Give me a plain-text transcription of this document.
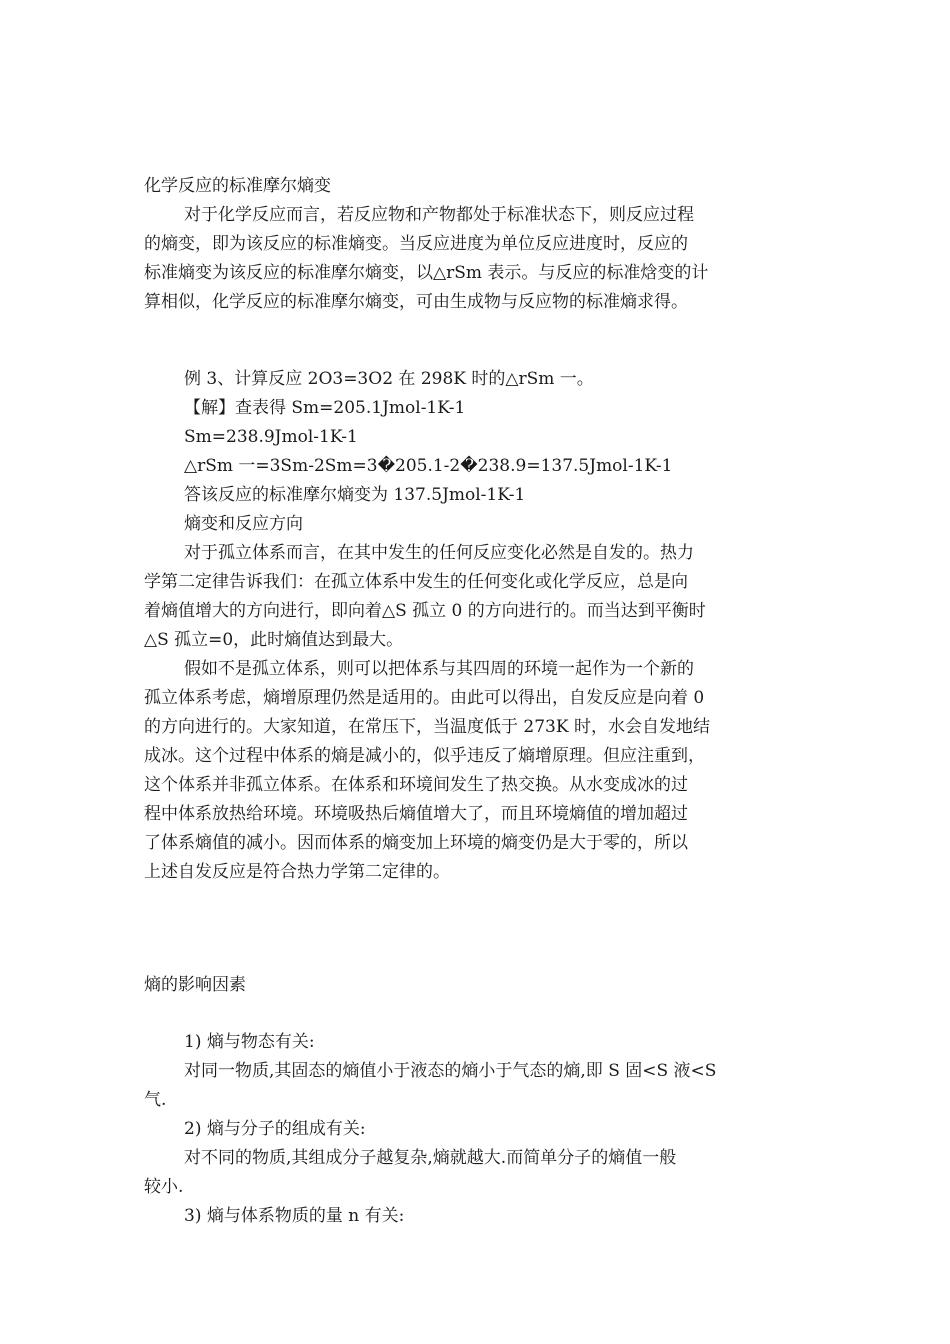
化学反应的标准摩尔熵变

对于化学反应而言，若反应物和产物都处于标准状态下，则反应过程

的熵变，即为该反应的标准熵变。当反应进度为单位反应进度时，反应的

标准熵变为该反应的标准摩尔熵变，以△rSm 表示。与反应的标准焓变的计

算相似，化学反应的标准摩尔熵变，可由生成物与反应物的标准熵求得。

例 3、计算反应 2O3=3O2 在 298K 时的△rSm 一。

【解】查表得 Sm=205.1Jmol-1K-1

Sm=238.9Jmol-1K-1

△rSm 一=3Sm-2Sm=3�205.1-2�238.9=137.5Jmol-1K-1

答该反应的标准摩尔熵变为 137.5Jmol-1K-1

熵变和反应方向

对于孤立体系而言，在其中发生的任何反应变化必然是自发的。热力

学第二定律告诉我们：在孤立体系中发生的任何变化或化学反应，总是向

着熵值增大的方向进行，即向着△S 孤立 0 的方向进行的。而当达到平衡时

△S 孤立=0，此时熵值达到最大。

假如不是孤立体系，则可以把体系与其四周的环境一起作为一个新的

孤立体系考虑，熵增原理仍然是适用的。由此可以得出，自发反应是向着 0

的方向进行的。大家知道，在常压下，当温度低于 273K 时，水会自发地结

成冰。这个过程中体系的熵是减小的，似乎违反了熵增原理。但应注重到，

这个体系并非孤立体系。在体系和环境间发生了热交换。从水变成冰的过

程中体系放热给环境。环境吸热后熵值增大了，而且环境熵值的增加超过

了体系熵值的减小。因而体系的熵变加上环境的熵变仍是大于零的，所以

上述自发反应是符合热力学第二定律的。

熵的影响因素

1) 熵与物态有关:

对同一物质,其固态的熵值小于液态的熵小于气态的熵,即 S 固<S 液<S

气.

2) 熵与分子的组成有关:

对不同的物质,其组成分子越复杂,熵就越大.而简单分子的熵值一般

较小.

3) 熵与体系物质的量 n 有关:
